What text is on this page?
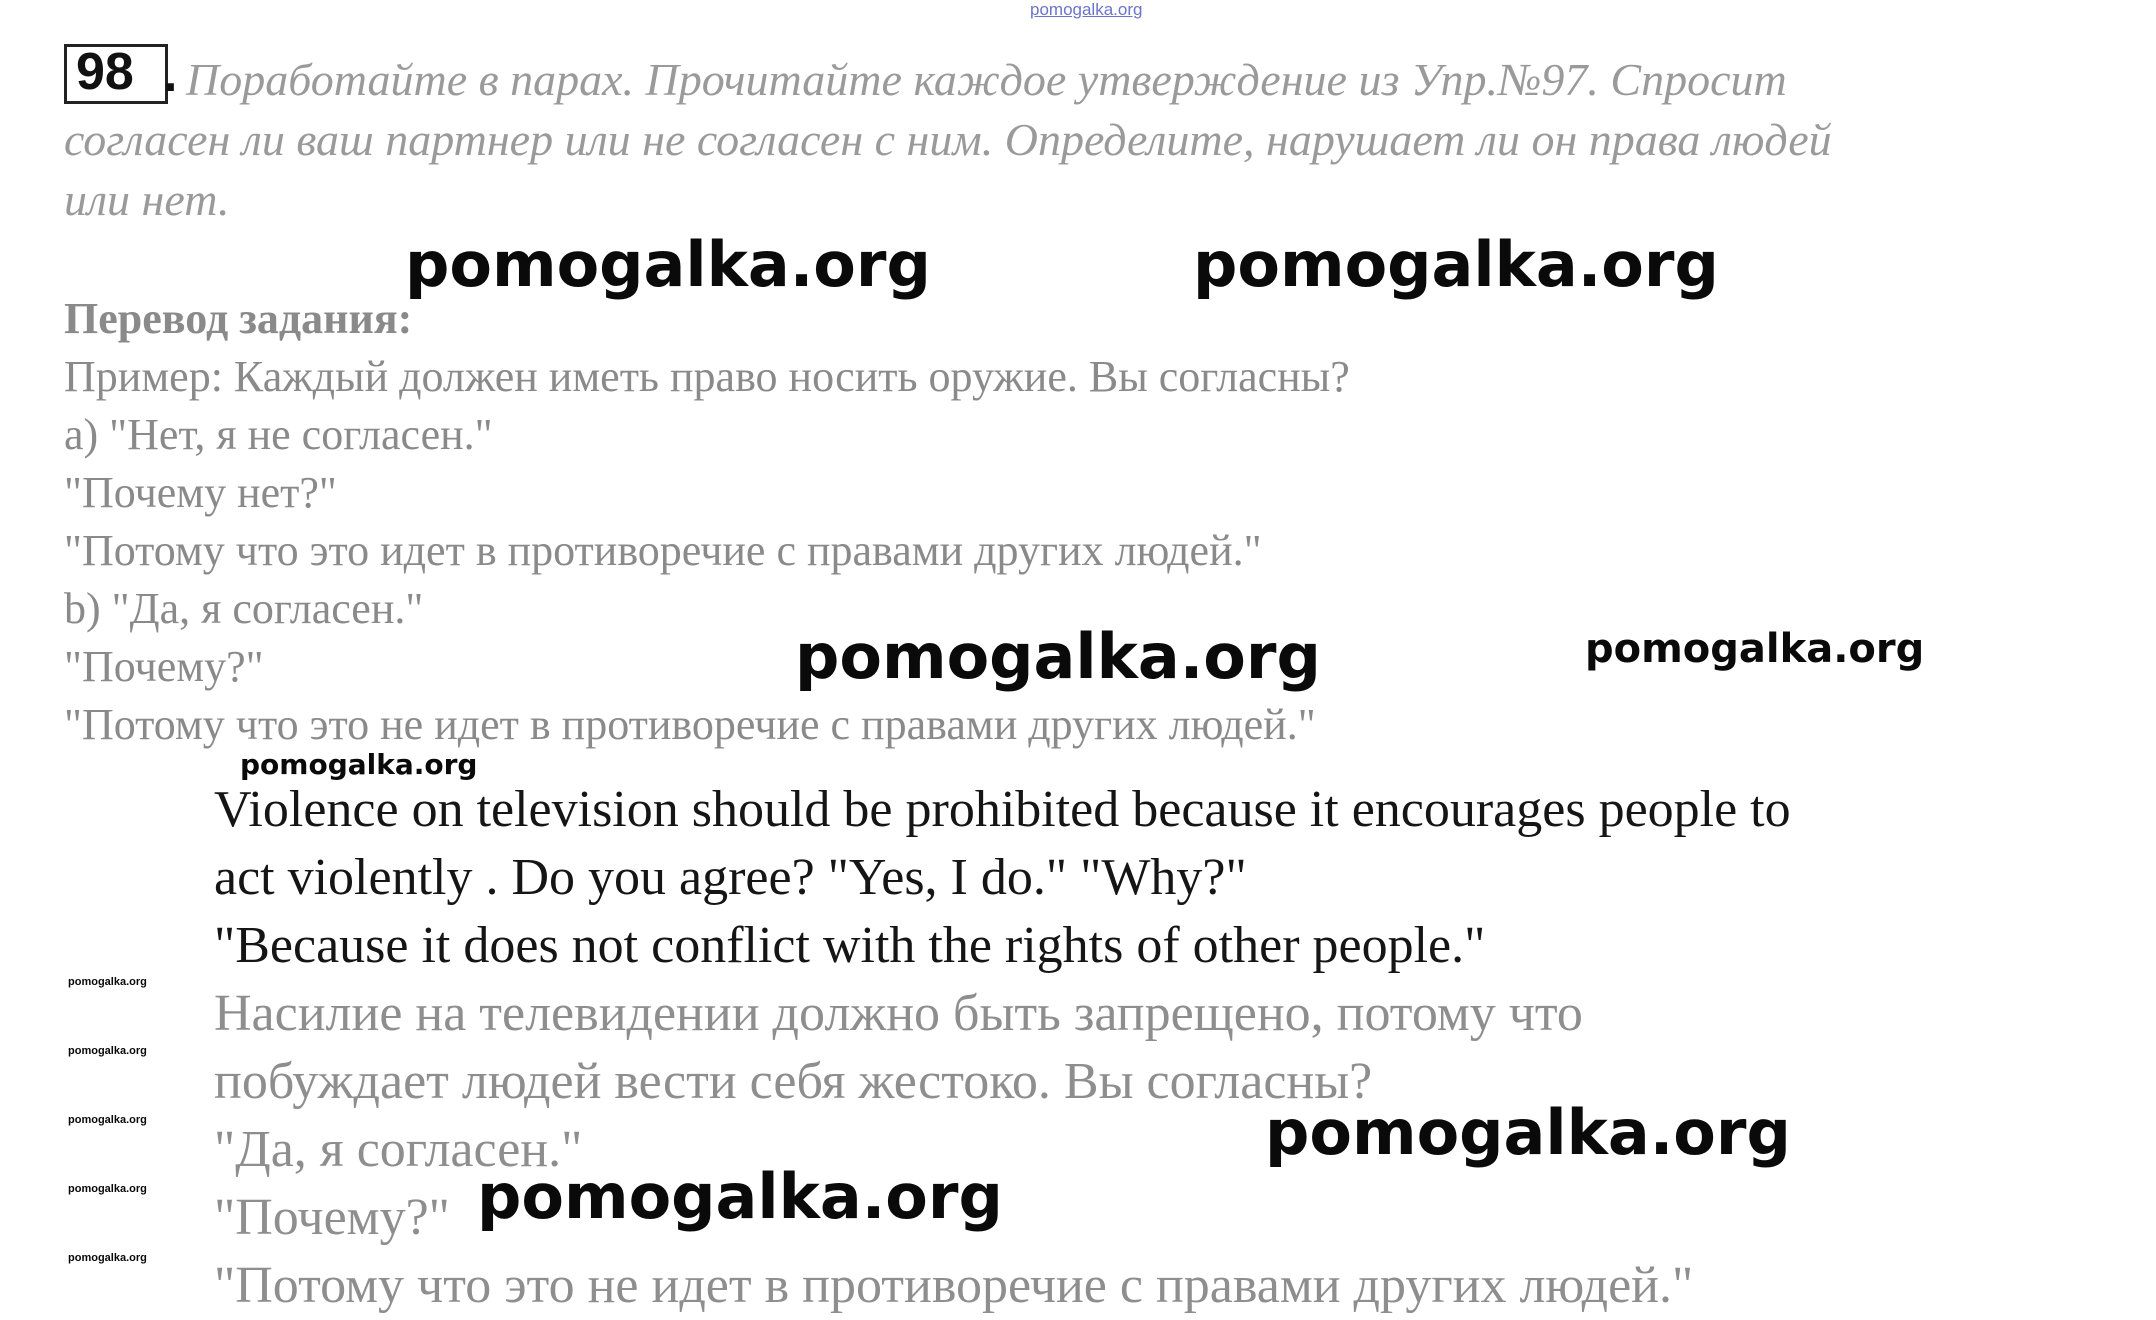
pomogalka.org
98 . Поработайте в парах. Прочитайте каждое утверждение из Упр.№97. Спросит
согласен ли ваш партнер или не согласен с ним. Определите, нарушает ли он права людей
или нет.
Перевод задания:
Пример: Каждый должен иметь право носить оружие. Вы согласны?
a) "Нет, я не согласен."
"Почему нет?"
"Потому что это идет в противоречие с правами других людей."
b) "Да, я согласен."
"Почему?"
"Потому что это не идет в противоречие с правами других людей."
Violence on television should be prohibited because it encourages people to
act violently . Do you agree? "Yes, I do." "Why?"
"Because it does not conflict with the rights of other people."
Насилие на телевидении должно быть запрещено, потому что
побуждает людей вести себя жестоко. Вы согласны?
"Да, я согласен."
"Почему?"
"Потому что это не идет в противоречие с правами других людей."
pomogalka.org	pomogalka.org
pomogalka.org	pomogalka.org
pomogalka.org
pomogalka.org
pomogalka.org
pomogalka.org
pomogalka.org
pomogalka.org
pomogalka.org
pomogalka.org
